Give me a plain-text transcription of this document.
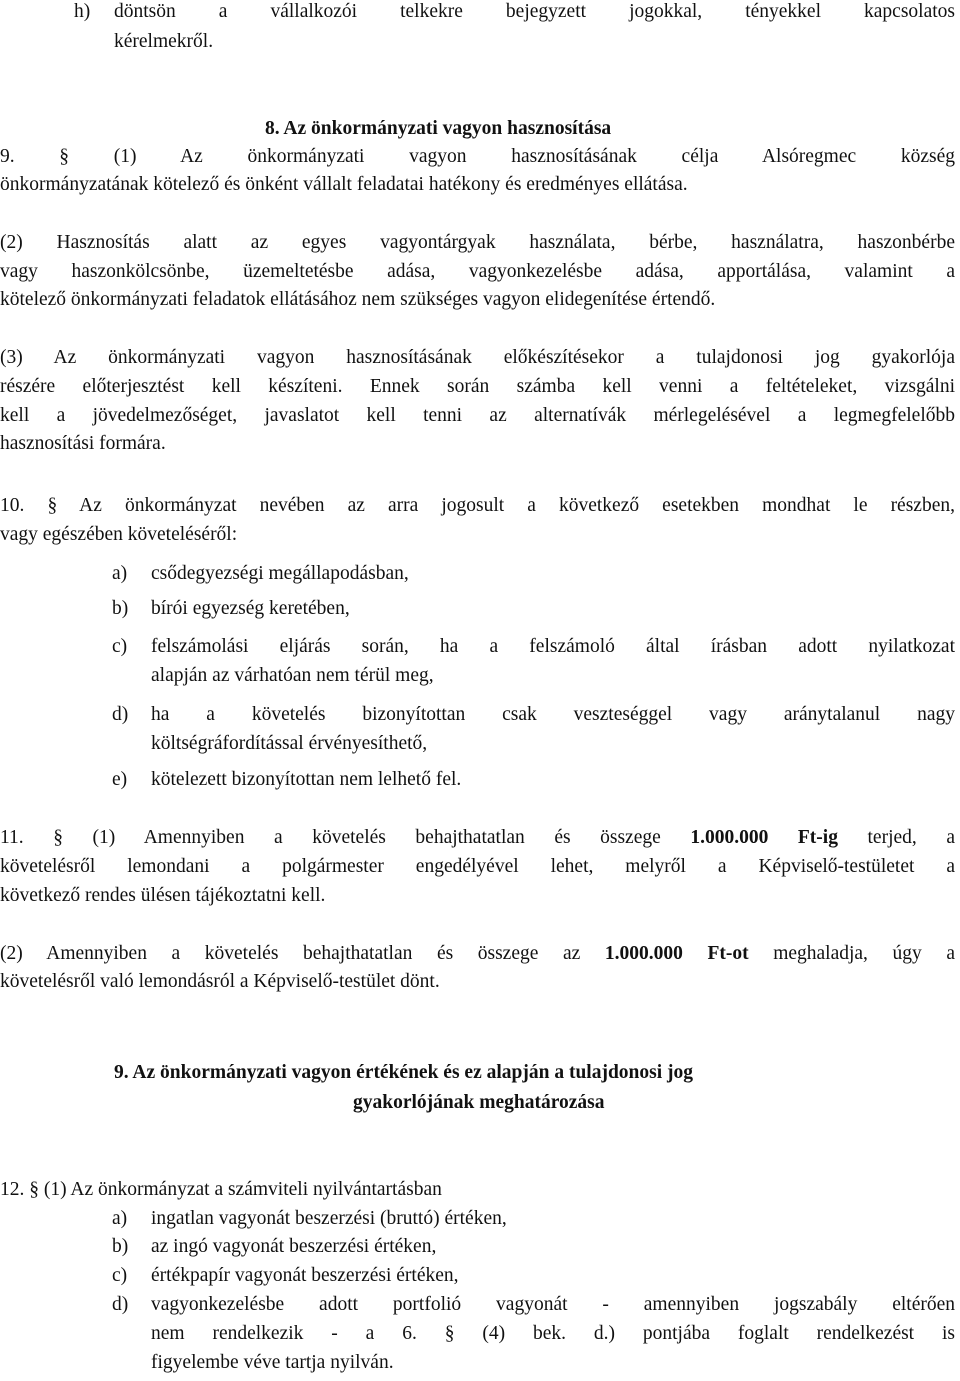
h) döntsön a vállalkozói telkekre bejegyzett jogokkal, tényekkel kapcsolatos
kérelmekről.
8. Az önkormányzati vagyon hasznosítása
9. § (1) Az önkormányzati vagyon hasznosításának célja Alsóregmec község
önkormányzatának kötelező és önként vállalt feladatai hatékony és eredményes ellátása.
(2) Hasznosítás alatt az egyes vagyontárgyak használata, bérbe, használatra, haszonbérbe
vagy haszonkölcsönbe, üzemeltetésbe adása, vagyonkezelésbe adása, apportálása, valamint a
kötelező önkormányzati feladatok ellátásához nem szükséges vagyon elidegenítése értendő.
(3) Az önkormányzati vagyon hasznosításának előkészítésekor a tulajdonosi jog gyakorlója
részére előterjesztést kell készíteni. Ennek során számba kell venni a feltételeket, vizsgálni
kell a jövedelmezőséget, javaslatot kell tenni az alternatívák mérlegelésével a legmegfelelőbb
hasznosítási formára.
10. § Az önkormányzat nevében az arra jogosult a következő esetekben mondhat le részben,
vagy egészében követeléséről:
a) csődegyezségi megállapodásban,
b) bírói egyezség keretében,
c) felszámolási eljárás során, ha a felszámoló által írásban adott nyilatkozat
alapján az várhatóan nem térül meg,
d) ha a követelés bizonyítottan csak veszteséggel vagy aránytalanul nagy
költségráfordítással érvényesíthető,
e) kötelezett bizonyítottan nem lelhető fel.
11. § (1) Amennyiben a követelés behajthatatlan és összege 1.000.000 Ft-ig terjed, a
követelésről lemondani a polgármester engedélyével lehet, melyről a Képviselő-testületet a
következő rendes ülésen tájékoztatni kell.
(2) Amennyiben a követelés behajthatatlan és összege az 1.000.000 Ft-ot meghaladja, úgy a
követelésről való lemondásról a Képviselő-testület dönt.
9. Az önkormányzati vagyon értékének és ez alapján a tulajdonosi jog
gyakorlójának meghatározása
12. § (1) Az önkormányzat a számviteli nyilvántartásban
a) ingatlan vagyonát beszerzési (bruttó) értéken,
b) az ingó vagyonát beszerzési értéken,
c) értékpapír vagyonát beszerzési értéken,
d) vagyonkezelésbe adott portfolió vagyonát - amennyiben jogszabály eltérően
nem rendelkezik - a 6. § (4) bek. d.) pontjába foglalt rendelkezést is
figyelembe véve tartja nyilván.
